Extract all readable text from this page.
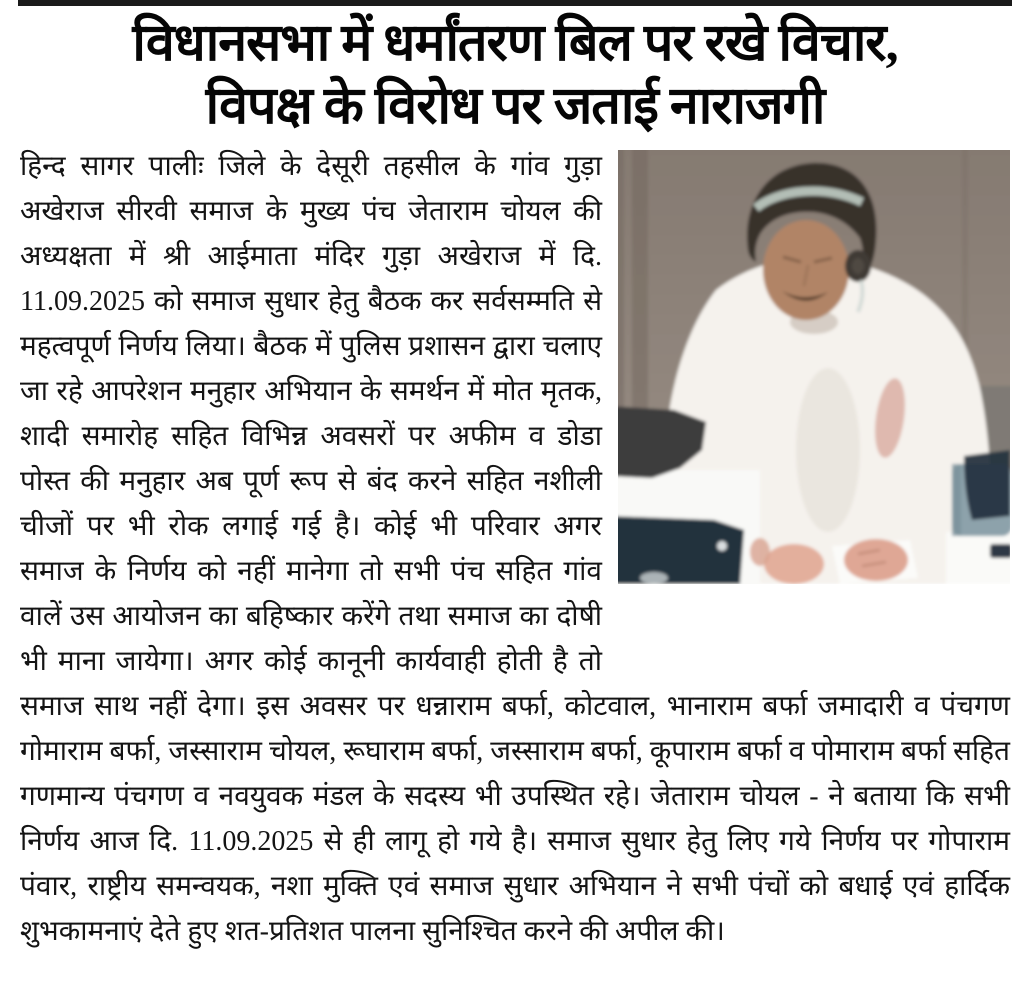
विधानसभा में धर्मांतरण बिल पर रखे विचार,
विपक्ष के विरोध पर जताई नाराजगी

हिन्द सागर पालीः जिले के देसूरी तहसील के गांव गुड़ा अखेराज सीरवी समाज के मुख्य पंच जेताराम चोयल की अध्यक्षता में श्री आईमाता मंदिर गुड़ा अखेराज में दि. 11.09.2025 को समाज सुधार हेतु बैठक कर सर्वसम्मति से महत्वपूर्ण निर्णय लिया। बैठक में पुलिस प्रशासन द्वारा चलाए जा रहे आपरेशन मनुहार अभियान के समर्थन में मोत मृतक, शादी समारोह सहित विभिन्न अवसरों पर अफीम व डोडा पोस्त की मनुहार अब पूर्ण रूप से बंद करने सहित नशीली चीजों पर भी रोक लगाई गई है। कोई भी परिवार अगर समाज के निर्णय को नहीं मानेगा तो सभी पंच सहित गांव वालें उस आयोजन का बहिष्कार करेंगे तथा समाज का दोषी भी माना जायेगा। अगर कोई कानूनी कार्यवाही होती है तो समाज साथ नहीं देगा। इस अवसर पर धन्नाराम बर्फा, कोटवाल, भानाराम बर्फा जमादारी व पंचगण गोमाराम बर्फा, जस्साराम चोयल, रूघाराम बर्फा, जस्साराम बर्फा, कूपाराम बर्फा व पोमाराम बर्फा सहित गणमान्य पंचगण व नवयुवक मंडल के सदस्य भी उपस्थित रहे। जेताराम चोयल - ने बताया कि सभी निर्णय आज दि. 11.09.2025 से ही लागू हो गये है। समाज सुधार हेतु लिए गये निर्णय पर गोपाराम पंवार, राष्ट्रीय समन्वयक, नशा मुक्ति एवं समाज सुधार अभियान ने सभी पंचों को बधाई एवं हार्दिक शुभकामनाएं देते हुए शत-प्रतिशत पालना सुनिश्चित करने की अपील की।
